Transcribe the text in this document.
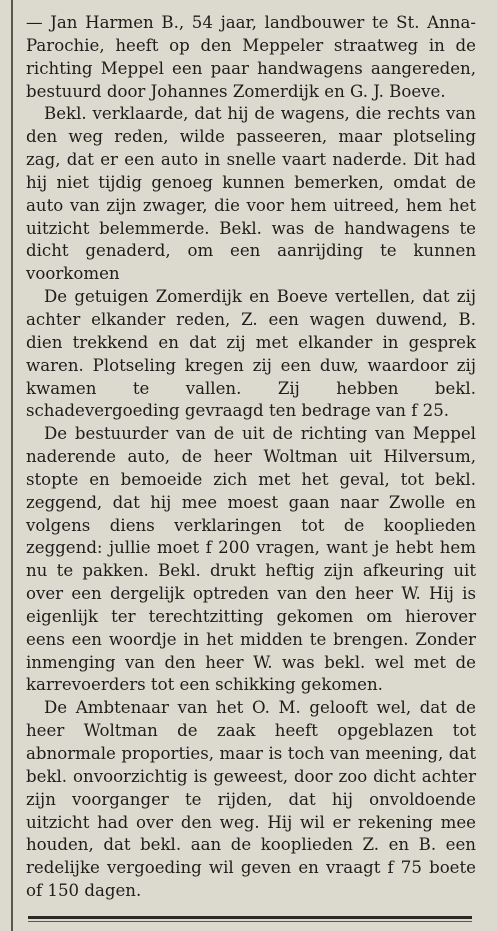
— Jan Harmen B., 54 jaar, landbouwer te St. Anna-Parochie, heeft op den Meppeler straatweg in de richting Meppel een paar handwagens aangereden, bestuurd door Johannes Zomerdijk en G. J. Boeve.

Bekl. verklaarde, dat hij de wagens, die rechts van den weg reden, wilde passeeren, maar plotseling zag, dat er een auto in snelle vaart naderde. Dit had hij niet tijdig genoeg kunnen bemerken, omdat de auto van zijn zwager, die voor hem uitreed, hem het uitzicht belemmerde. Bekl. was de handwagens te dicht genaderd, om een aanrijding te kunnen voorkomen

De getuigen Zomerdijk en Boeve vertellen, dat zij achter elkander reden, Z. een wagen duwend, B. dien trekkend en dat zij met elkander in gesprek waren. Plotseling kregen zij een duw, waardoor zij kwamen te vallen. Zij hebben bekl. schadevergoeding gevraagd ten bedrage van f 25.

De bestuurder van de uit de richting van Meppel naderende auto, de heer Woltman uit Hilversum, stopte en bemoeide zich met het geval, tot bekl. zeggend, dat hij mee moest gaan naar Zwolle en volgens diens verklaringen tot de kooplieden zeggend: jullie moet f 200 vragen, want je hebt hem nu te pakken. Bekl. drukt heftig zijn afkeuring uit over een dergelijk optreden van den heer W. Hij is eigenlijk ter terechtzitting gekomen om hierover eens een woordje in het midden te brengen. Zonder inmenging van den heer W. was bekl. wel met de karrevoerders tot een schikking gekomen.

De Ambtenaar van het O. M. gelooft wel, dat de heer Woltman de zaak heeft opgeblazen tot abnormale proporties, maar is toch van meening, dat bekl. onvoorzichtig is geweest, door zoo dicht achter zijn voorganger te rijden, dat hij onvoldoende uitzicht had over den weg. Hij wil er rekening mee houden, dat bekl. aan de kooplieden Z. en B. een redelijke vergoeding wil geven en vraagt f 75 boete of 150 dagen.
